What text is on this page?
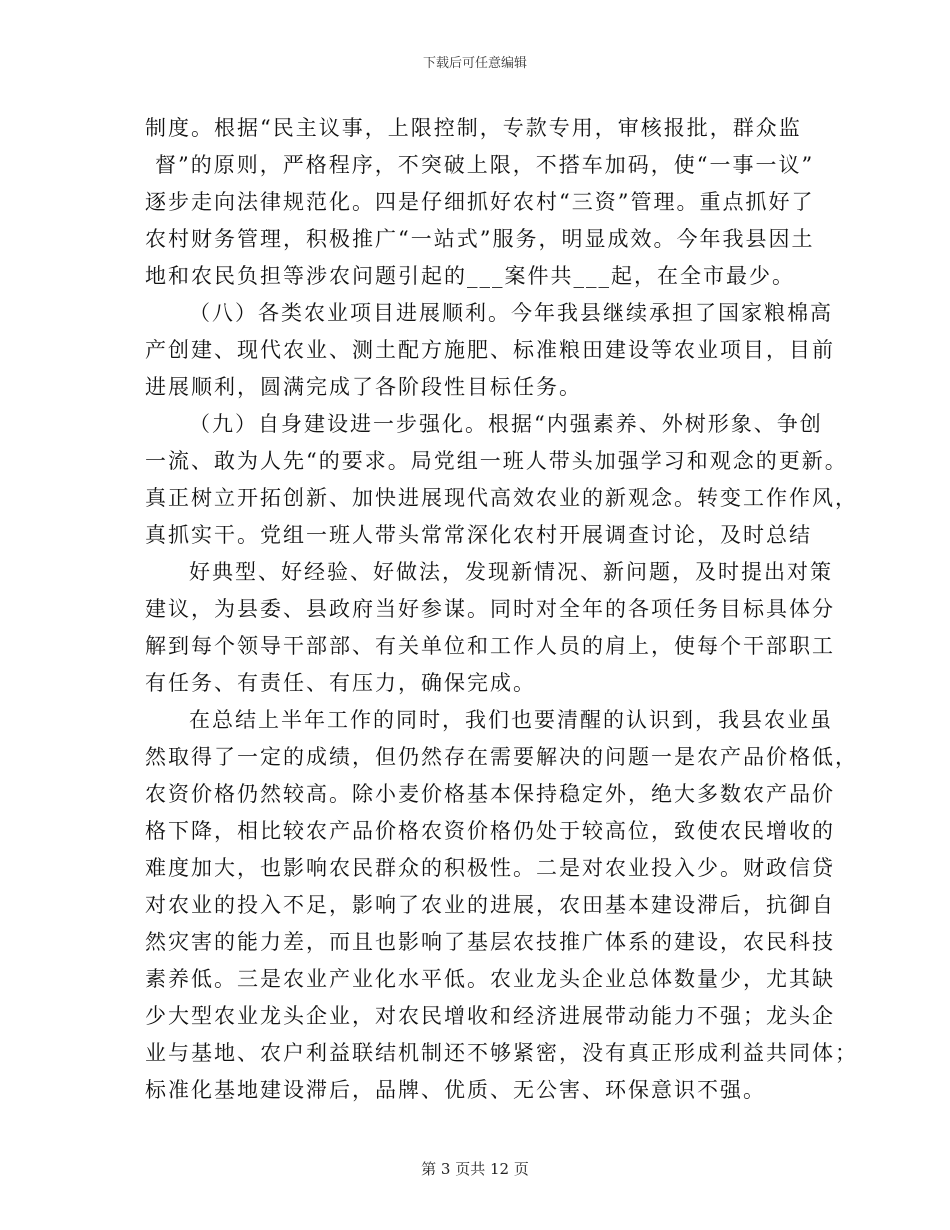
下载后可任意编辑
制度。根据“民主议事，上限控制，专款专用，审核报批，群众监
督”的原则，严格程序，不突破上限，不搭车加码，使“一事一议”
逐步走向法律规范化。四是仔细抓好农村“三资”管理。重点抓好了
农村财务管理，积极推广“一站式”服务，明显成效。今年我县因土
地和农民负担等涉农问题引起的___案件共___起，在全市最少。
（八）各类农业项目进展顺利。今年我县继续承担了国家粮棉高
产创建、现代农业、测土配方施肥、标准粮田建设等农业项目，目前
进展顺利，圆满完成了各阶段性目标任务。
（九）自身建设进一步强化。根据“内强素养、外树形象、争创
一流、敢为人先“的要求。局党组一班人带头加强学习和观念的更新。
真正树立开拓创新、加快进展现代高效农业的新观念。转变工作作风，
真抓实干。党组一班人带头常常深化农村开展调查讨论，及时总结
好典型、好经验、好做法，发现新情况、新问题，及时提出对策
建议，为县委、县政府当好参谋。同时对全年的各项任务目标具体分
解到每个领导干部部、有关单位和工作人员的肩上，使每个干部职工
有任务、有责任、有压力，确保完成。
在总结上半年工作的同时，我们也要清醒的认识到，我县农业虽
然取得了一定的成绩，但仍然存在需要解决的问题一是农产品价格低，
农资价格仍然较高。除小麦价格基本保持稳定外，绝大多数农产品价
格下降，相比较农产品价格农资价格仍处于较高位，致使农民增收的
难度加大，也影响农民群众的积极性。二是对农业投入少。财政信贷
对农业的投入不足，影响了农业的进展，农田基本建设滞后，抗御自
然灾害的能力差，而且也影响了基层农技推广体系的建设，农民科技
素养低。三是农业产业化水平低。农业龙头企业总体数量少，尤其缺
少大型农业龙头企业，对农民增收和经济进展带动能力不强；龙头企
业与基地、农户利益联结机制还不够紧密，没有真正形成利益共同体；
标准化基地建设滞后，品牌、优质、无公害、环保意识不强。
第 3 页共 12 页
